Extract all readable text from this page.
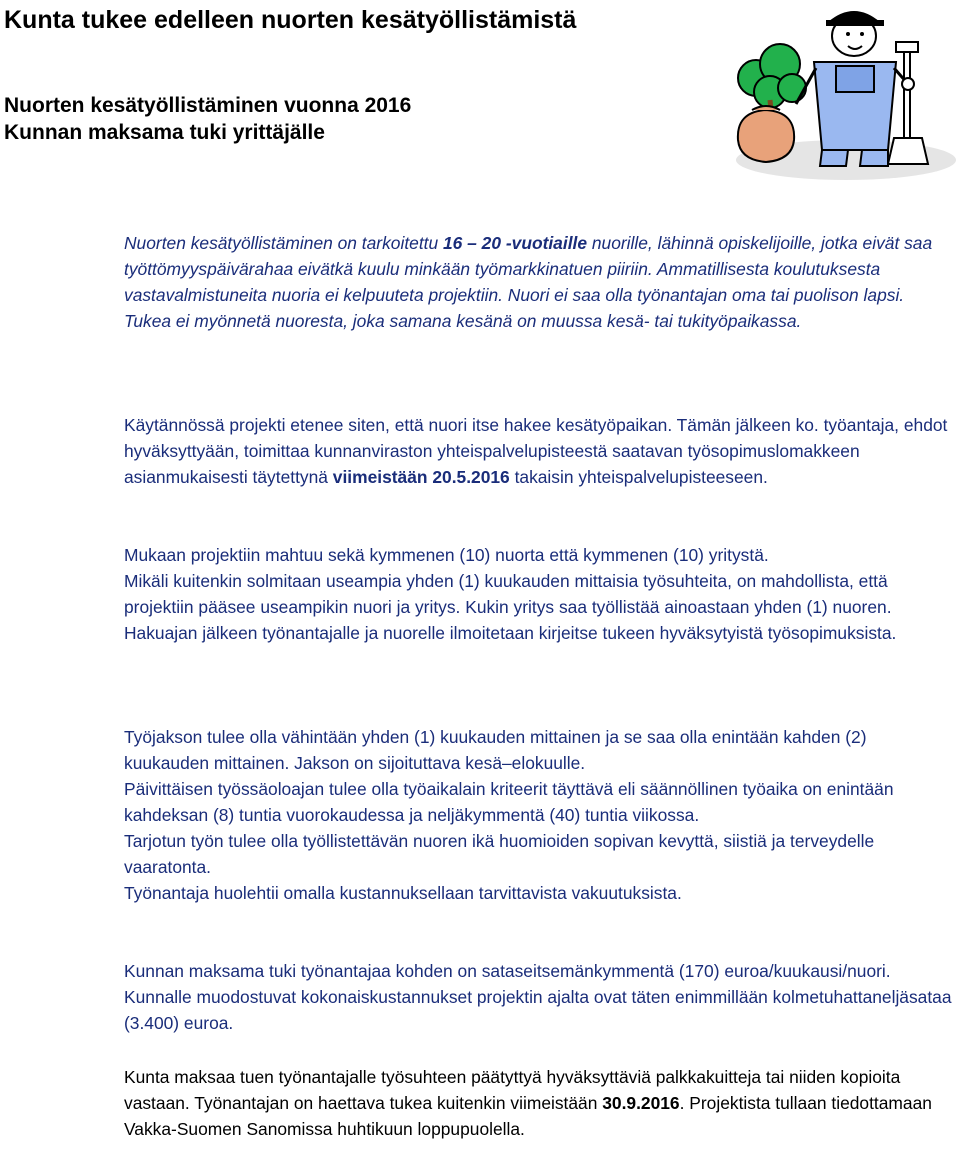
Kunta tukee edelleen nuorten kesätyöllistämistä
Nuorten kesätyöllistäminen vuonna 2016
Kunnan maksama tuki yrittäjälle

Nuorten kesätyöllistäminen on tarkoitettu 16 – 20 -vuotiaille nuorille, lähinnä opiskelijoille, jotka eivät saa työttömyyspäivärahaa eivätkä kuulu minkään työmarkkinatuen piiriin. Ammatillisesta koulutuksesta vastavalmistuneita nuoria ei kelpuuteta projektiin. Nuori ei saa olla työnantajan oma tai puolison lapsi. Tukea ei myönnetä nuoresta, joka samana kesänä on muussa kesä- tai tukityöpaikassa.

Käytännössä projekti etenee siten, että nuori itse hakee kesätyöpaikan. Tämän jälkeen ko. työantaja, ehdot hyväksyttyään, toimittaa kunnanviraston yhteispalvelupisteestä saatavan työsopimuslomakkeen asianmukaisesti täytettynä viimeistään 20.5.2016 takaisin yhteispalvelupisteeseen.

Mukaan projektiin mahtuu sekä kymmenen (10) nuorta että kymmenen (10) yritystä.
Mikäli kuitenkin solmitaan useampia yhden (1) kuukauden mittaisia työsuhteita, on mahdollista, että projektiin pääsee useampikin nuori ja yritys. Kukin yritys saa työllistää ainoastaan yhden (1) nuoren. Hakuajan jälkeen työnantajalle ja nuorelle ilmoitetaan kirjeitse tukeen hyväksytyistä työsopimuksista.
Työjakson tulee olla vähintään yhden (1) kuukauden mittainen ja se saa olla enintään kahden (2) kuukauden mittainen. Jakson on sijoituttava kesä–elokuulle.
Päivittäisen työssäoloajan tulee olla työaikalain kriteerit täyttävä eli säännöllinen työaika on enintään kahdeksan (8) tuntia vuorokaudessa ja neljäkymmentä (40) tuntia viikossa.
Tarjotun työn tulee olla työllistettävän nuoren ikä huomioiden sopivan kevyttä, siistiä ja terveydelle vaaratonta.
Työnantaja huolehtii omalla kustannuksellaan tarvittavista vakuutuksista.

Kunnan maksama tuki työnantajaa kohden on sataseitsemänkymmentä (170) euroa/kuukausi/nuori. Kunnalle muodostuvat kokonaiskustannukset projektin ajalta ovat täten enimmillään kolmetuhattaneljäsataa (3.400) euroa.

Kunta maksaa tuen työnantajalle työsuhteen päätyttyä hyväksyttäviä palkkakuitteja tai niiden kopioita vastaan. Työnantajan on haettava tukea kuitenkin viimeistään 30.9.2016. Projektista tullaan tiedottamaan Vakka-Suomen Sanomissa huhtikuun loppupuolella.
